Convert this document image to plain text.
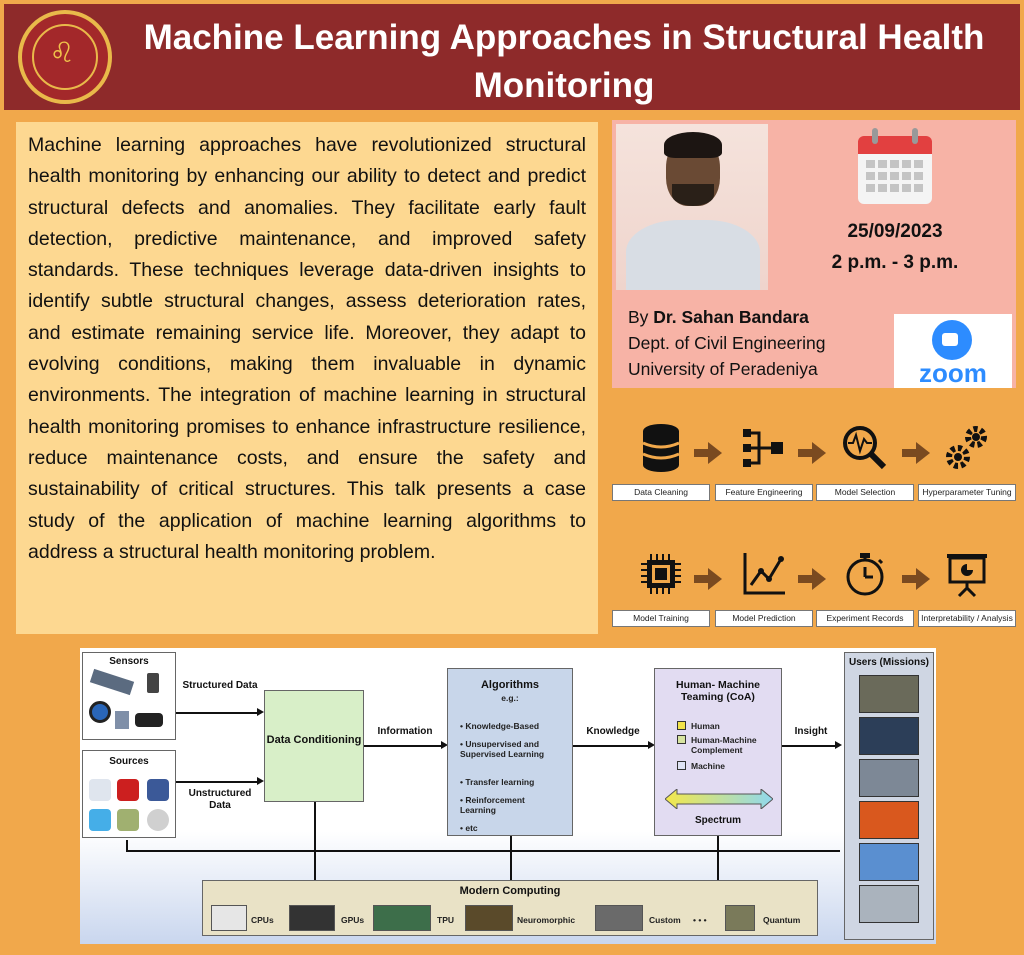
♌	Machine Learning Approaches in Structural Health Monitoring

Machine learning approaches have revolutionized structural health monitoring by enhancing our ability to detect and predict structural defects and anomalies. They facilitate early fault detection, predictive maintenance, and improved safety standards. These techniques leverage data-driven insights to identify subtle structural changes, assess deterioration rates, and estimate remaining service life. Moreover, they adapt to evolving conditions, making them invaluable in dynamic environments. The integration of machine learning in structural health monitoring promises to enhance infrastructure resilience, reduce maintenance costs, and ensure the safety and sustainability of critical structures. This talk presents a case study of the application of machine learning algorithms to address a structural health monitoring problem.

25/09/2023
2 p.m. - 3 p.m.
By Dr. Sahan Bandara
Dept. of Civil Engineering
University of Peradeniya	zoom
Data Cleaning	Feature Engineering	Model Selection	Hyperparameter Tuning
Model Training	Model Prediction	Experiment Records	Interpretability / Analysis
Sensors
Sources
Structured Data
Unstructured Data
Data Conditioning
Information
Algorithms
e.g.:
• Knowledge-Based
• Unsupervised and Supervised Learning
• Transfer learning
• Reinforcement Learning
• etc
Knowledge
Human- Machine Teaming (CoA)
Human
Human-Machine Complement
Machine
Spectrum
Insight
Users (Missions)
Modern Computing
CPUs	GPUs	TPU	Neuromorphic	Custom • • •	Quantum
